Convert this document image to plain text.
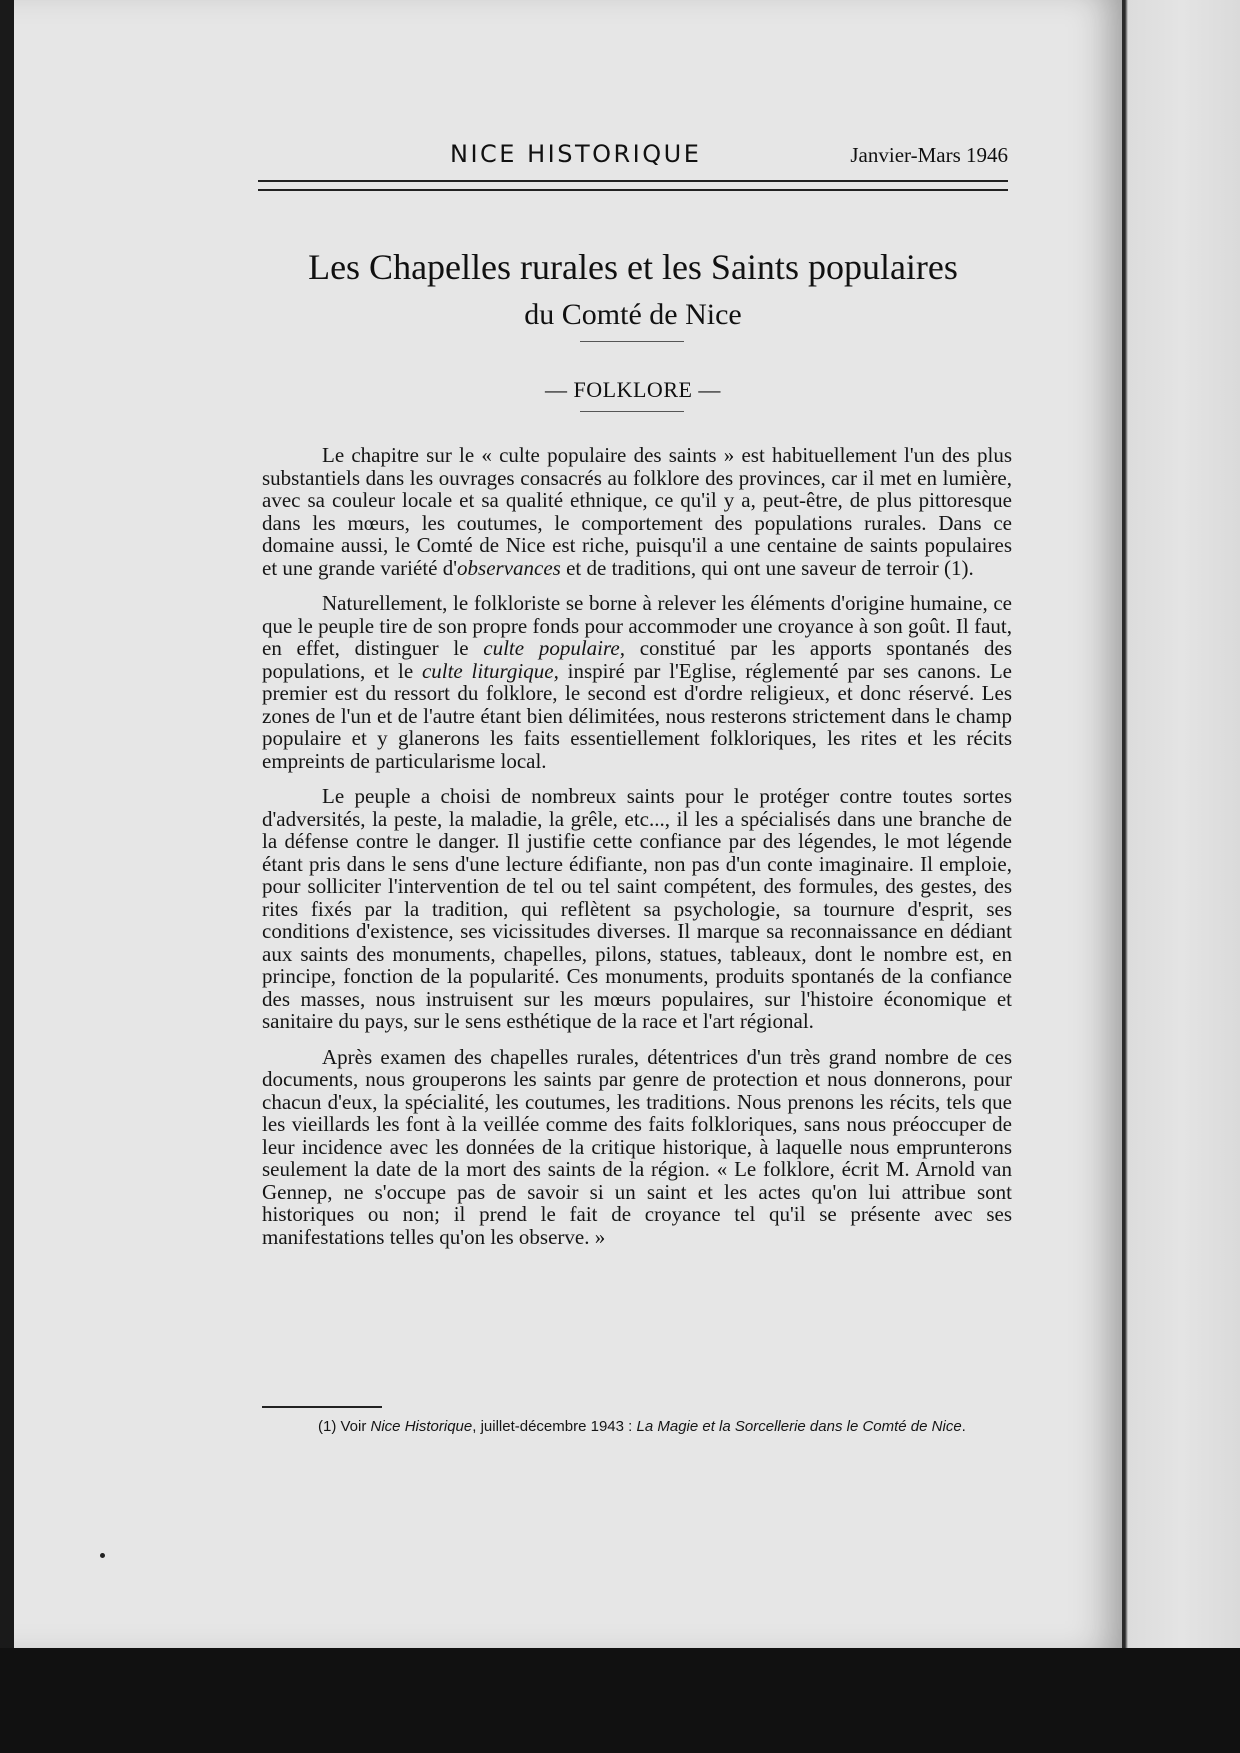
NICE HISTORIQUE	Janvier-Mars 1946
Les Chapelles rurales et les Saints populaires
du Comté de Nice
— FOLKLORE —

Le chapitre sur le « culte populaire des saints » est habituellement l'un des plus substantiels dans les ouvrages consacrés au folklore des provinces, car il met en lumière, avec sa couleur locale et sa qualité ethnique, ce qu'il y a, peut-être, de plus pittoresque dans les mœurs, les coutumes, le comportement des populations rurales. Dans ce domaine aussi, le Comté de Nice est riche, puisqu'il a une centaine de saints populaires et une grande variété d'observances et de traditions, qui ont une saveur de terroir (1).

Naturellement, le folkloriste se borne à relever les éléments d'origine humaine, ce que le peuple tire de son propre fonds pour accommoder une croyance à son goût. Il faut, en effet, distinguer le culte populaire, constitué par les apports spontanés des populations, et le culte liturgique, inspiré par l'Eglise, réglementé par ses canons. Le premier est du ressort du folklore, le second est d'ordre religieux, et donc réservé. Les zones de l'un et de l'autre étant bien délimitées, nous resterons strictement dans le champ populaire et y glanerons les faits essentiellement folkloriques, les rites et les récits empreints de particularisme local.

Le peuple a choisi de nombreux saints pour le protéger contre toutes sortes d'adversités, la peste, la maladie, la grêle, etc..., il les a spécialisés dans une branche de la défense contre le danger. Il justifie cette confiance par des légendes, le mot légende étant pris dans le sens d'une lecture édifiante, non pas d'un conte imaginaire. Il emploie, pour solliciter l'intervention de tel ou tel saint compétent, des formules, des gestes, des rites fixés par la tradition, qui reflètent sa psychologie, sa tournure d'esprit, ses conditions d'existence, ses vicissitudes diverses. Il marque sa reconnaissance en dédiant aux saints des monuments, chapelles, pilons, statues, tableaux, dont le nombre est, en principe, fonction de la popularité. Ces monuments, produits spontanés de la confiance des masses, nous instruisent sur les mœurs populaires, sur l'histoire économique et sanitaire du pays, sur le sens esthétique de la race et l'art régional.

Après examen des chapelles rurales, détentrices d'un très grand nombre de ces documents, nous grouperons les saints par genre de protection et nous donnerons, pour chacun d'eux, la spécialité, les coutumes, les traditions. Nous prenons les récits, tels que les vieillards les font à la veillée comme des faits folkloriques, sans nous préoccuper de leur incidence avec les données de la critique historique, à laquelle nous emprunterons seulement la date de la mort des saints de la région. « Le folklore, écrit M. Arnold van Gennep, ne s'occupe pas de savoir si un saint et les actes qu'on lui attribue sont historiques ou non; il prend le fait de croyance tel qu'il se présente avec ses manifestations telles qu'on les observe. »

(1) Voir Nice Historique, juillet-décembre 1943 : La Magie et la Sorcellerie dans le Comté de Nice.
